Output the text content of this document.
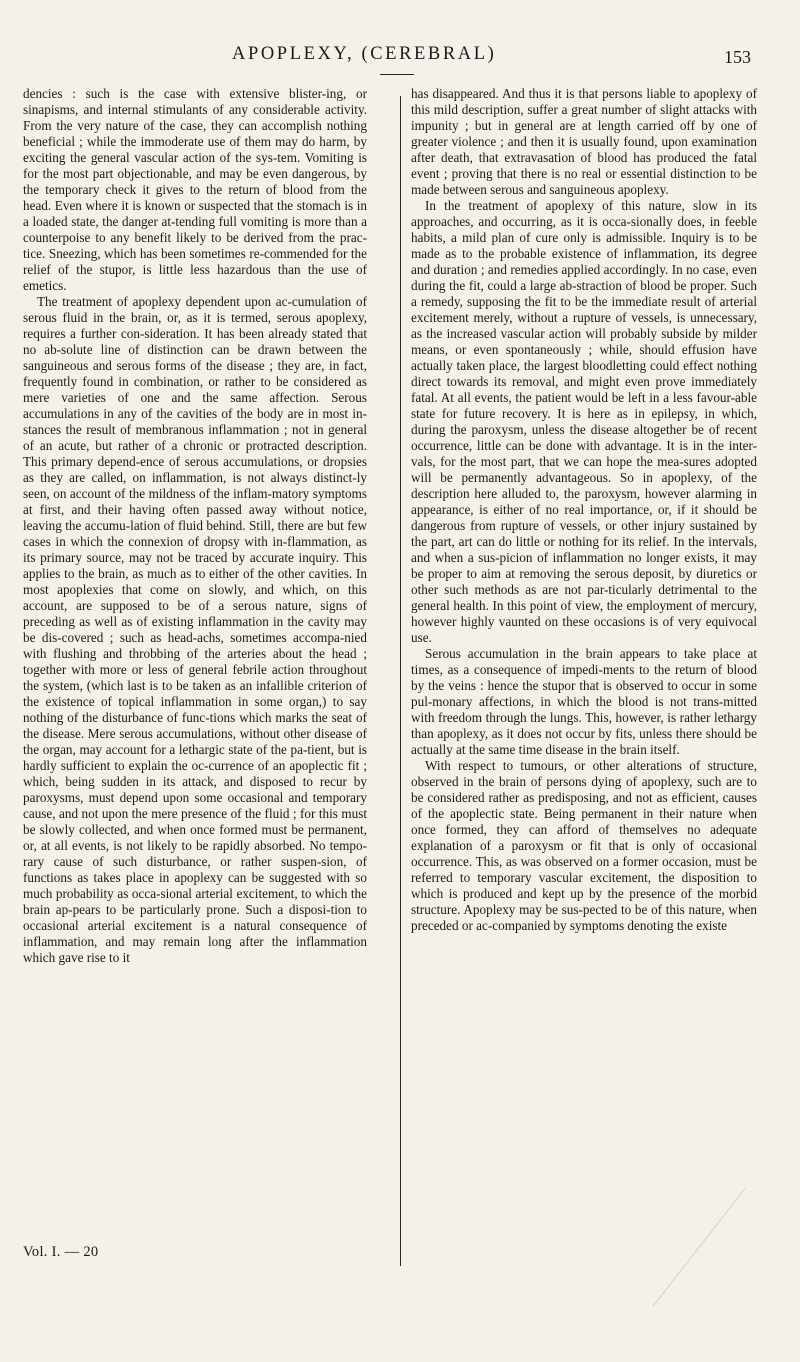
APOPLEXY, (CEREBRAL)	153

dencies : such is the case with extensive blister-ing, or sinapisms, and internal stimulants of any considerable activity. From the very nature of the case, they can accomplish nothing beneficial ; while the immoderate use of them may do harm, by exciting the general vascular action of the sys-tem. Vomiting is for the most part objectionable, and may be even dangerous, by the temporary check it gives to the return of blood from the head. Even where it is known or suspected that the stomach is in a loaded state, the danger at-tending full vomiting is more than a counterpoise to any benefit likely to be derived from the prac-tice. Sneezing, which has been sometimes re-commended for the relief of the stupor, is little less hazardous than the use of emetics.

The treatment of apoplexy dependent upon ac-cumulation of serous fluid in the brain, or, as it is termed, serous apoplexy, requires a further con-sideration. It has been already stated that no ab-solute line of distinction can be drawn between the sanguineous and serous forms of the disease ; they are, in fact, frequently found in combination, or rather to be considered as mere varieties of one and the same affection. Serous accumulations in any of the cavities of the body are in most in-stances the result of membranous inflammation ; not in general of an acute, but rather of a chronic or protracted description. This primary depend-ence of serous accumulations, or dropsies as they are called, on inflammation, is not always distinct-ly seen, on account of the mildness of the inflam-matory symptoms at first, and their having often passed away without notice, leaving the accumu-lation of fluid behind. Still, there are but few cases in which the connexion of dropsy with in-flammation, as its primary source, may not be traced by accurate inquiry. This applies to the brain, as much as to either of the other cavities. In most apoplexies that come on slowly, and which, on this account, are supposed to be of a serous nature, signs of preceding as well as of existing inflammation in the cavity may be dis-covered ; such as head-achs, sometimes accompa-nied with flushing and throbbing of the arteries about the head ; together with more or less of general febrile action throughout the system, (which last is to be taken as an infallible criterion of the existence of topical inflammation in some organ,) to say nothing of the disturbance of func-tions which marks the seat of the disease. Mere serous accumulations, without other disease of the organ, may account for a lethargic state of the pa-tient, but is hardly sufficient to explain the oc-currence of an apoplectic fit ; which, being sudden in its attack, and disposed to recur by paroxysms, must depend upon some occasional and temporary cause, and not upon the mere presence of the fluid ; for this must be slowly collected, and when once formed must be permanent, or, at all events, is not likely to be rapidly absorbed. No tempo-rary cause of such disturbance, or rather suspen-sion, of functions as takes place in apoplexy can be suggested with so much probability as occa-sional arterial excitement, to which the brain ap-pears to be particularly prone. Such a disposi-tion to occasional arterial excitement is a natural consequence of inflammation, and may remain long after the inflammation which gave rise to it

has disappeared. And thus it is that persons liable to apoplexy of this mild description, suffer a great number of slight attacks with impunity ; but in general are at length carried off by one of greater violence ; and then it is usually found, upon examination after death, that extravasation of blood has produced the fatal event ; proving that there is no real or essential distinction to be made between serous and sanguineous apoplexy.

In the treatment of apoplexy of this nature, slow in its approaches, and occurring, as it is occa-sionally does, in feeble habits, a mild plan of cure only is admissible. Inquiry is to be made as to the probable existence of inflammation, its degree and duration ; and remedies applied accordingly. In no case, even during the fit, could a large ab-straction of blood be proper. Such a remedy, supposing the fit to be the immediate result of arterial excitement merely, without a rupture of vessels, is unnecessary, as the increased vascular action will probably subside by milder means, or even spontaneously ; while, should effusion have actually taken place, the largest bloodletting could effect nothing direct towards its removal, and might even prove immediately fatal. At all events, the patient would be left in a less favour-able state for future recovery. It is here as in epilepsy, in which, during the paroxysm, unless the disease altogether be of recent occurrence, little can be done with advantage. It is in the inter-vals, for the most part, that we can hope the mea-sures adopted will be permanently advantageous. So in apoplexy, of the description here alluded to, the paroxysm, however alarming in appearance, is either of no real importance, or, if it should be dangerous from rupture of vessels, or other injury sustained by the part, art can do little or nothing for its relief. In the intervals, and when a sus-picion of inflammation no longer exists, it may be proper to aim at removing the serous deposit, by diuretics or other such methods as are not par-ticularly detrimental to the general health. In this point of view, the employment of mercury, however highly vaunted on these occasions is of very equivocal use.

Serous accumulation in the brain appears to take place at times, as a consequence of impedi-ments to the return of blood by the veins : hence the stupor that is observed to occur in some pul-monary affections, in which the blood is not trans-mitted with freedom through the lungs. This, however, is rather lethargy than apoplexy, as it does not occur by fits, unless there should be actually at the same time disease in the brain itself.

With respect to tumours, or other alterations of structure, observed in the brain of persons dying of apoplexy, such are to be considered rather as predisposing, and not as efficient, causes of the apoplectic state. Being permanent in their nature when once formed, they can afford of themselves no adequate explanation of a paroxysm or fit that is only of occasional occurrence. This, as was observed on a former occasion, must be referred to temporary vascular excitement, the disposition to which is produced and kept up by the presence of the morbid structure. Apoplexy may be sus-pected to be of this nature, when preceded or ac-companied by symptoms denoting the existe

Vol. I. — 20
